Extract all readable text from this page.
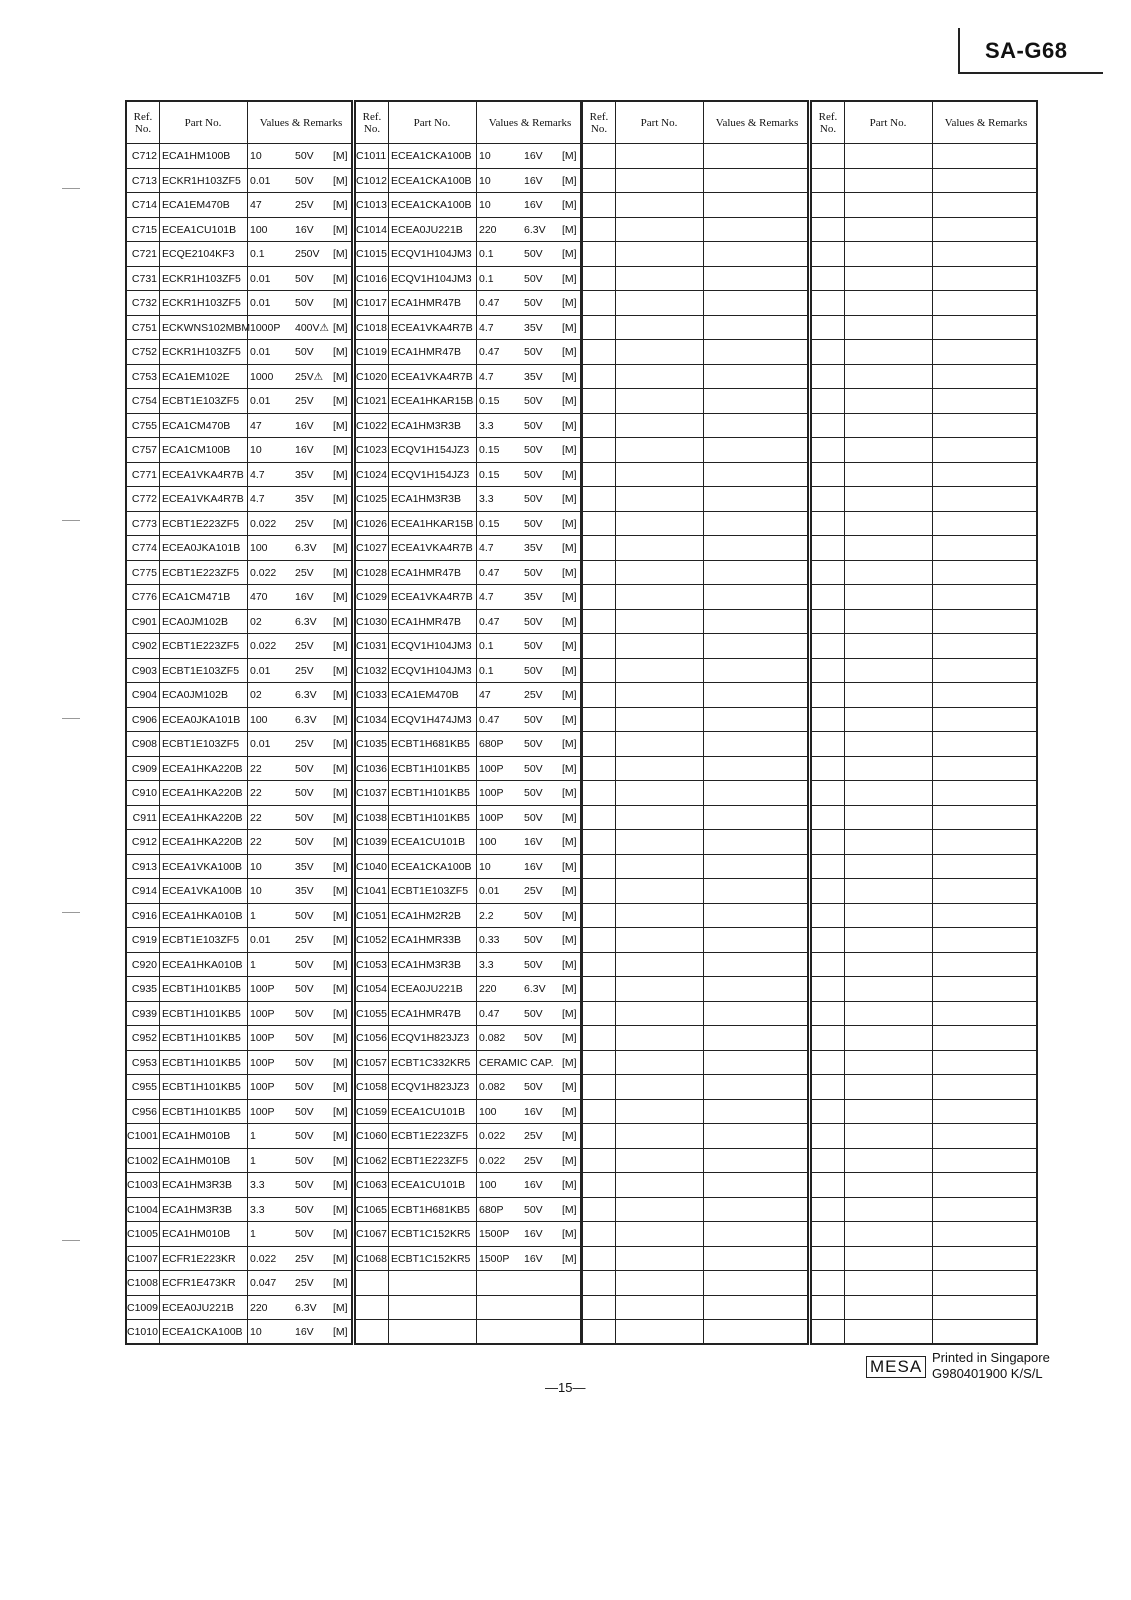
SA-G68
Ref. No.	Part No.	Values & Remarks
C712 ECA1HM100B 10	50V [M]
C713 ECKR1H103ZF5 0.01 50V [M]
C714 ECA1EM470B 47	25V [M]
C715 ECEA1CU101B 100	16V [M]
C721 ECQE2104KF3 0.1	250V [M]
C731 ECKR1H103ZF5 0.01 50V [M]
C732 ECKR1H103ZF5 0.01 50V [M]
C751 ECKWNS102MBM 1000P 400V⚠ [M]
C752 ECKR1H103ZF5 0.01 50V [M]
C753 ECA1EM102E 1000 25V⚠ [M]
C754 ECBT1E103ZF5 0.01 25V [M]
C755 ECA1CM470B 47	16V [M]
C757 ECA1CM100B 10	16V [M]
C771 ECEA1VKA4R7B 4.7	35V [M]
C772 ECEA1VKA4R7B 4.7	35V [M]
C773 ECBT1E223ZF5 0.022 25V [M]
C774 ECEA0JKA101B 100	6.3V [M]
C775 ECBT1E223ZF5 0.022 25V [M]
C776 ECA1CM471B 470	16V [M]
C901 ECA0JM102B 02	6.3V [M]
C902 ECBT1E223ZF5 0.022 25V [M]
C903 ECBT1E103ZF5 0.01 25V [M]
C904 ECA0JM102B 02	6.3V [M]
C906 ECEA0JKA101B 100	6.3V [M]
C908 ECBT1E103ZF5 0.01 25V [M]
C909 ECEA1HKA220B 22	50V [M]
C910 ECEA1HKA220B 22	50V [M]
C911 ECEA1HKA220B 22	50V [M]
C912 ECEA1HKA220B 22	50V [M]
C913 ECEA1VKA100B 10	35V [M]
C914 ECEA1VKA100B 10	35V [M]
C916 ECEA1HKA010B 1	50V [M]
C919 ECBT1E103ZF5 0.01 25V [M]
C920 ECEA1HKA010B 1	50V [M]
C935 ECBT1H101KB5 100P 50V [M]
C939 ECBT1H101KB5 100P 50V [M]
C952 ECBT1H101KB5 100P 50V [M]
C953 ECBT1H101KB5 100P 50V [M]
C955 ECBT1H101KB5 100P 50V [M]
C956 ECBT1H101KB5 100P 50V [M]
C1001 ECA1HM010B 1	50V [M]
C1002 ECA1HM010B 1	50V [M]
C1003 ECA1HM3R3B 3.3	50V [M]
C1004 ECA1HM3R3B 3.3	50V [M]
C1005 ECA1HM010B 1	50V [M]
C1007 ECFR1E223KR 0.022 25V [M]
C1008 ECFR1E473KR 0.047 25V [M]
C1009 ECEA0JU221B 220	6.3V [M]
C1010 ECEA1CKA100B 10	16V [M]
Ref. No.	Part No.	Values & Remarks
C1011 ECEA1CKA100B 10	16V [M]
C1012 ECEA1CKA100B 10	16V [M]
C1013 ECEA1CKA100B 10	16V [M]
C1014 ECEA0JU221B 220	6.3V [M]
C1015 ECQV1H104JM3 0.1	50V [M]
C1016 ECQV1H104JM3 0.1	50V [M]
C1017 ECA1HMR47B 0.47 50V [M]
C1018 ECEA1VKA4R7B 4.7	35V [M]
C1019 ECA1HMR47B 0.47 50V [M]
C1020 ECEA1VKA4R7B 4.7	35V [M]
C1021 ECEA1HKAR15B 0.15 50V [M]
C1022 ECA1HM3R3B 3.3	50V [M]
C1023 ECQV1H154JZ3 0.15 50V [M]
C1024 ECQV1H154JZ3 0.15 50V [M]
C1025 ECA1HM3R3B 3.3	50V [M]
C1026 ECEA1HKAR15B 0.15 50V [M]
C1027 ECEA1VKA4R7B 4.7	35V [M]
C1028 ECA1HMR47B 0.47 50V [M]
C1029 ECEA1VKA4R7B 4.7	35V [M]
C1030 ECA1HMR47B 0.47 50V [M]
C1031 ECQV1H104JM3 0.1	50V [M]
C1032 ECQV1H104JM3 0.1	50V [M]
C1033 ECA1EM470B 47	25V [M]
C1034 ECQV1H474JM3 0.47 50V [M]
C1035 ECBT1H681KB5 680P 50V [M]
C1036 ECBT1H101KB5 100P 50V [M]
C1037 ECBT1H101KB5 100P 50V [M]
C1038 ECBT1H101KB5 100P 50V [M]
C1039 ECEA1CU101B 100	16V [M]
C1040 ECEA1CKA100B 10	16V [M]
C1041 ECBT1E103ZF5 0.01 25V [M]
C1051 ECA1HM2R2B 2.2	50V [M]
C1052 ECA1HMR33B 0.33 50V [M]
C1053 ECA1HM3R3B 3.3	50V [M]
C1054 ECEA0JU221B 220	6.3V [M]
C1055 ECA1HMR47B 0.47 50V [M]
C1056 ECQV1H823JZ3 0.082 50V [M]
C1057 ECBT1C332KR5 CERAMIC CAP. [M]
C1058 ECQV1H823JZ3 0.082 50V [M]
C1059 ECEA1CU101B 100	16V [M]
C1060 ECBT1E223ZF5 0.022 25V [M]
C1062 ECBT1E223ZF5 0.022 25V [M]
C1063 ECEA1CU101B 100	16V [M]
C1065 ECBT1H681KB5 680P 50V [M]
C1067 ECBT1C152KR5 1500P 16V [M]
C1068 ECBT1C152KR5 1500P 16V [M]
Ref. No.	Part No.	Values & Remarks	Ref. No.	Part No.	Values & Remarks
MESA Printed in Singapore
G980401900 K/S/L
—15—
